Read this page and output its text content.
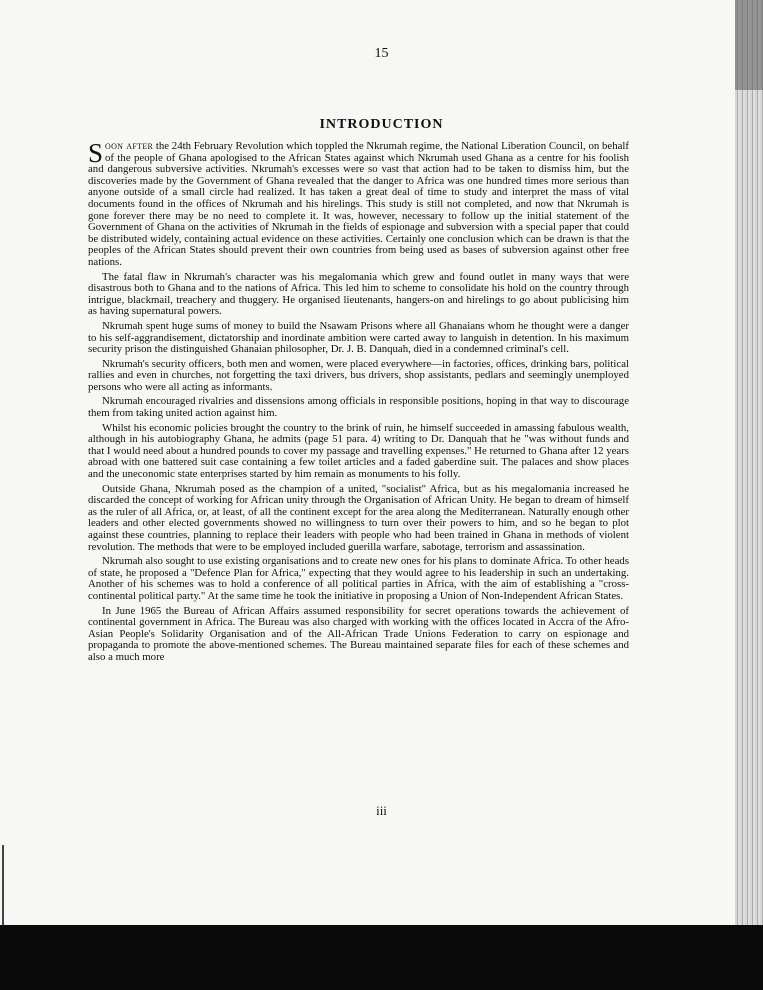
15
INTRODUCTION

Soon after the 24th February Revolution which toppled the Nkrumah regime, the National Liberation Council, on behalf of the people of Ghana apologised to the African States against which Nkrumah used Ghana as a centre for his foolish and dangerous subversive activities. Nkrumah's excesses were so vast that action had to be taken to dismiss him, but the discoveries made by the Government of Ghana revealed that the danger to Africa was one hundred times more serious than anyone outside of a small circle had realized. It has taken a great deal of time to study and interpret the mass of vital documents found in the offices of Nkrumah and his hirelings. This study is still not completed, and now that Nkrumah is gone forever there may be no need to complete it. It was, however, necessary to follow up the initial statement of the Government of Ghana on the activities of Nkrumah in the fields of espionage and subversion with a special paper that could be distributed widely, containing actual evidence on these activities. Certainly one conclusion which can be drawn is that the peoples of the African States should prevent their own countries from being used as bases of subversion against other free nations.

The fatal flaw in Nkrumah's character was his megalomania which grew and found outlet in many ways that were disastrous both to Ghana and to the nations of Africa. This led him to scheme to consolidate his hold on the country through intrigue, blackmail, treachery and thuggery. He organised lieutenants, hangers-on and hirelings to go about publicising him as having supernatural powers.

Nkrumah spent huge sums of money to build the Nsawam Prisons where all Ghanaians whom he thought were a danger to his self-aggrandisement, dictatorship and inordinate ambition were carted away to languish in detention. In his maximum security prison the distinguished Ghanaian philosopher, Dr. J. B. Danquah, died in a condemned criminal's cell.

Nkrumah's security officers, both men and women, were placed everywhere—in factories, offices, drinking bars, political rallies and even in churches, not forgetting the taxi drivers, bus drivers, shop assistants, pedlars and seemingly unemployed persons who were all acting as informants.

Nkrumah encouraged rivalries and dissensions among officials in responsible positions, hoping in that way to discourage them from taking united action against him.

Whilst his economic policies brought the country to the brink of ruin, he himself succeeded in amassing fabulous wealth, although in his autobiography Ghana, he admits (page 51 para. 4) writing to Dr. Danquah that he "was without funds and that I would need about a hundred pounds to cover my passage and travelling expenses." He returned to Ghana after 12 years abroad with one battered suit case containing a few toilet articles and a faded gaberdine suit. The palaces and show places and the uneconomic state enterprises started by him remain as monuments to his folly.

Outside Ghana, Nkrumah posed as the champion of a united, "socialist" Africa, but as his megalomania increased he discarded the concept of working for African unity through the Organisation of African Unity. He began to dream of himself as the ruler of all Africa, or, at least, of all the continent except for the area along the Mediterranean. Naturally enough other leaders and other elected governments showed no willingness to turn over their powers to him, and so he began to plot against these countries, planning to replace their leaders with people who had been trained in Ghana in methods of violent revolution. The methods that were to be employed included guerilla warfare, sabotage, terrorism and assassination.

Nkrumah also sought to use existing organisations and to create new ones for his plans to dominate Africa. To other heads of state, he proposed a "Defence Plan for Africa," expecting that they would agree to his leadership in such an undertaking. Another of his schemes was to hold a conference of all political parties in Africa, with the aim of establishing a "cross-continental political party." At the same time he took the initiative in proposing a Union of Non-Independent African States.

In June 1965 the Bureau of African Affairs assumed responsibility for secret operations towards the achievement of continental government in Africa. The Bureau was also charged with working with the offices located in Accra of the Afro-Asian People's Solidarity Organisation and of the All-African Trade Unions Federation to carry on espionage and propaganda to promote the above-mentioned schemes. The Bureau maintained separate files for each of these schemes and also a much more

iii
